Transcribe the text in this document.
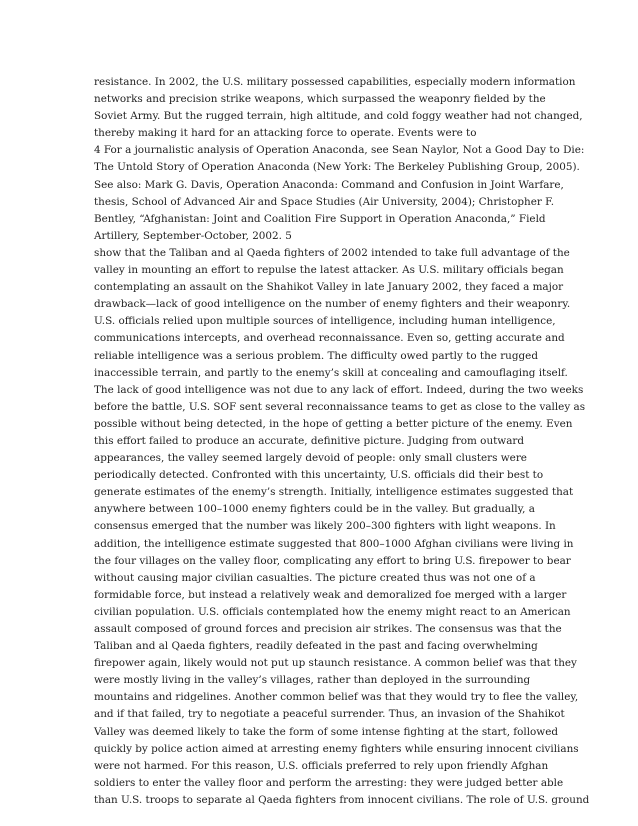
resistance. In 2002, the U.S. military possessed capabilities, especially modern information
networks and precision strike weapons, which surpassed the weaponry fielded by the
Soviet Army. But the rugged terrain, high altitude, and cold foggy weather had not changed,
thereby making it hard for an attacking force to operate. Events were to
4 For a journalistic analysis of Operation Anaconda, see Sean Naylor, Not a Good Day to Die:
The Untold Story of Operation Anaconda (New York: The Berkeley Publishing Group, 2005).
See also: Mark G. Davis, Operation Anaconda: Command and Confusion in Joint Warfare,
thesis, School of Advanced Air and Space Studies (Air University, 2004); Christopher F.
Bentley, “Afghanistan: Joint and Coalition Fire Support in Operation Anaconda,” Field
Artillery, September-October, 2002. 5
show that the Taliban and al Qaeda fighters of 2002 intended to take full advantage of the
valley in mounting an effort to repulse the latest attacker. As U.S. military officials began
contemplating an assault on the Shahikot Valley in late January 2002, they faced a major
drawback—lack of good intelligence on the number of enemy fighters and their weaponry.
U.S. officials relied upon multiple sources of intelligence, including human intelligence,
communications intercepts, and overhead reconnaissance. Even so, getting accurate and
reliable intelligence was a serious problem. The difficulty owed partly to the rugged
inaccessible terrain, and partly to the enemy’s skill at concealing and camouflaging itself.
The lack of good intelligence was not due to any lack of effort. Indeed, during the two weeks
before the battle, U.S. SOF sent several reconnaissance teams to get as close to the valley as
possible without being detected, in the hope of getting a better picture of the enemy. Even
this effort failed to produce an accurate, definitive picture. Judging from outward
appearances, the valley seemed largely devoid of people: only small clusters were
periodically detected. Confronted with this uncertainty, U.S. officials did their best to
generate estimates of the enemy’s strength. Initially, intelligence estimates suggested that
anywhere between 100–1000 enemy fighters could be in the valley. But gradually, a
consensus emerged that the number was likely 200–300 fighters with light weapons. In
addition, the intelligence estimate suggested that 800–1000 Afghan civilians were living in
the four villages on the valley floor, complicating any effort to bring U.S. firepower to bear
without causing major civilian casualties. The picture created thus was not one of a
formidable force, but instead a relatively weak and demoralized foe merged with a larger
civilian population. U.S. officials contemplated how the enemy might react to an American
assault composed of ground forces and precision air strikes. The consensus was that the
Taliban and al Qaeda fighters, readily defeated in the past and facing overwhelming
firepower again, likely would not put up staunch resistance. A common belief was that they
were mostly living in the valley’s villages, rather than deployed in the surrounding
mountains and ridgelines. Another common belief was that they would try to flee the valley,
and if that failed, try to negotiate a peaceful surrender. Thus, an invasion of the Shahikot
Valley was deemed likely to take the form of some intense fighting at the start, followed
quickly by police action aimed at arresting enemy fighters while ensuring innocent civilians
were not harmed. For this reason, U.S. officials preferred to rely upon friendly Afghan
soldiers to enter the valley floor and perform the arresting: they were judged better able
than U.S. troops to separate al Qaeda fighters from innocent civilians. The role of U.S. ground
